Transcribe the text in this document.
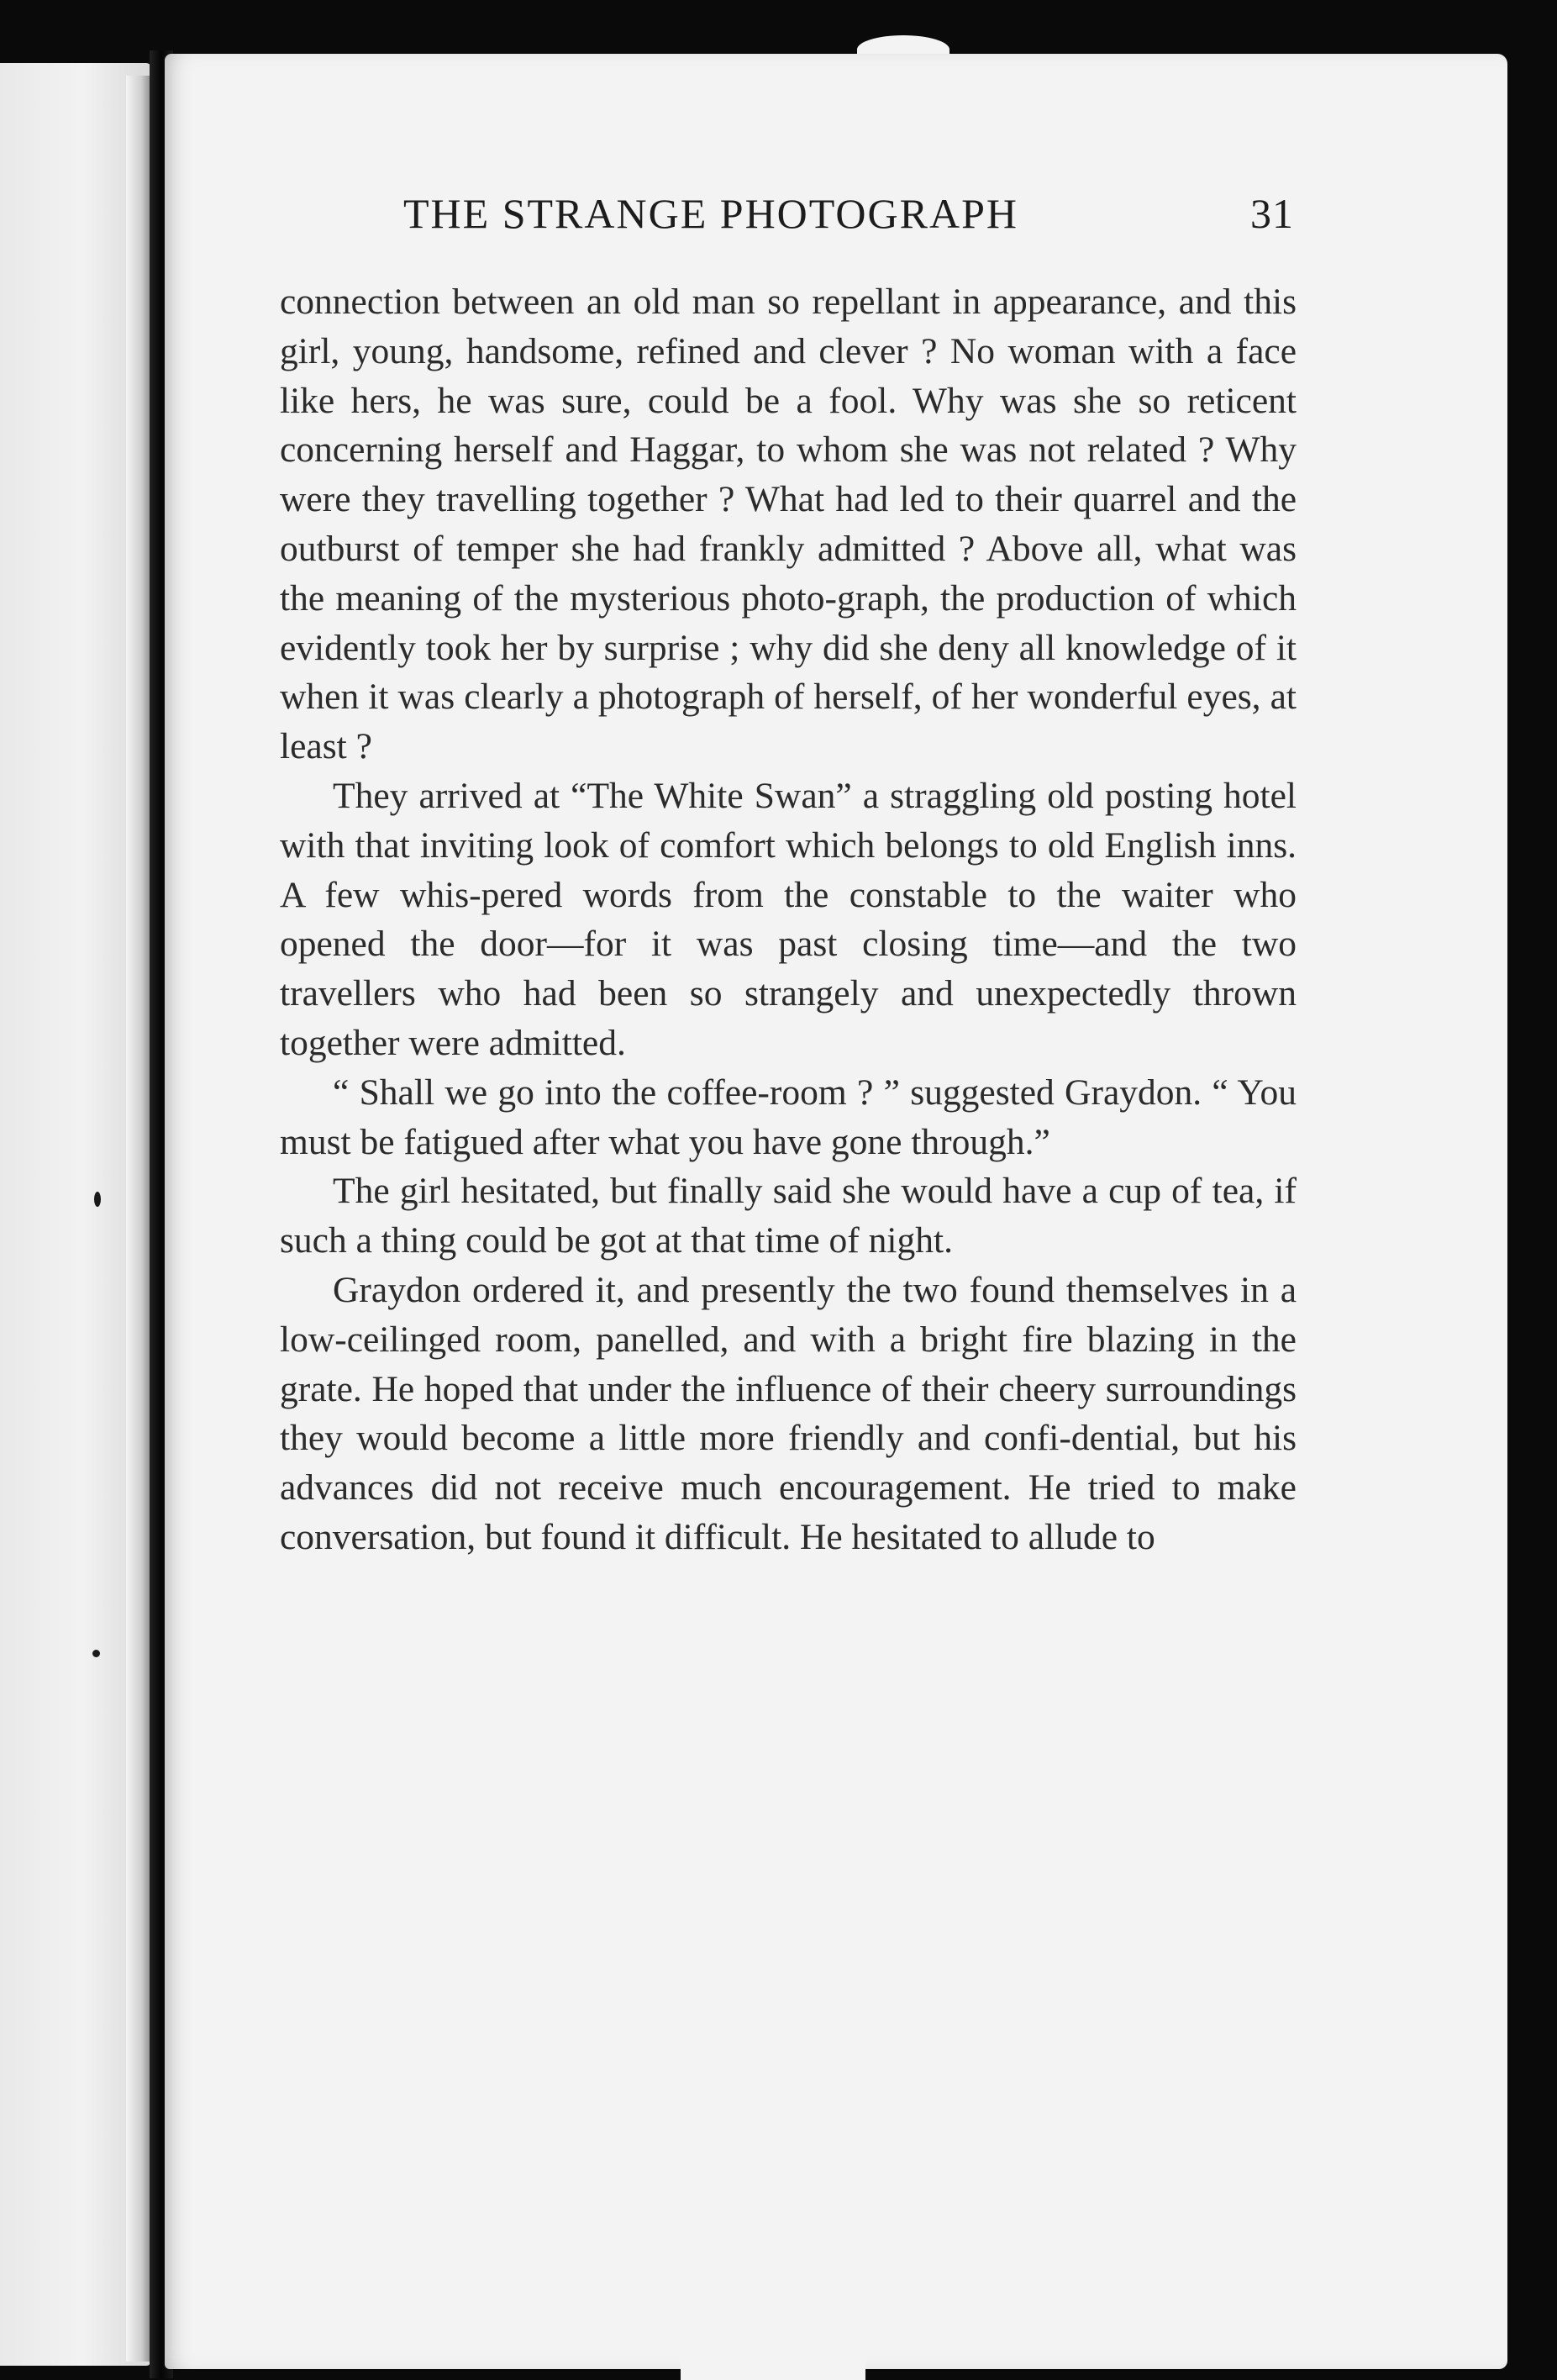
THE STRANGE PHOTOGRAPH	31

connection between an old man so repellant in appearance, and this girl, young, handsome, refined and clever ? No woman with a face like hers, he was sure, could be a fool. Why was she so reticent concerning herself and Haggar, to whom she was not related ? Why were they travelling together ? What had led to their quarrel and the outburst of temper she had frankly admitted ? Above all, what was the meaning of the mysterious photo-graph, the production of which evidently took her by surprise ; why did she deny all knowledge of it when it was clearly a photograph of herself, of her wonderful eyes, at least ?

They arrived at “The White Swan” a straggling old posting hotel with that inviting look of comfort which belongs to old English inns. A few whis-pered words from the constable to the waiter who opened the door—for it was past closing time—and the two travellers who had been so strangely and unexpectedly thrown together were admitted.

“ Shall we go into the coffee-room ? ” suggested Graydon. “ You must be fatigued after what you have gone through.”

The girl hesitated, but finally said she would have a cup of tea, if such a thing could be got at that time of night.

Graydon ordered it, and presently the two found themselves in a low-ceilinged room, panelled, and with a bright fire blazing in the grate. He hoped that under the influence of their cheery surroundings they would become a little more friendly and confi-dential, but his advances did not receive much encouragement. He tried to make conversation, but found it difficult. He hesitated to allude to
